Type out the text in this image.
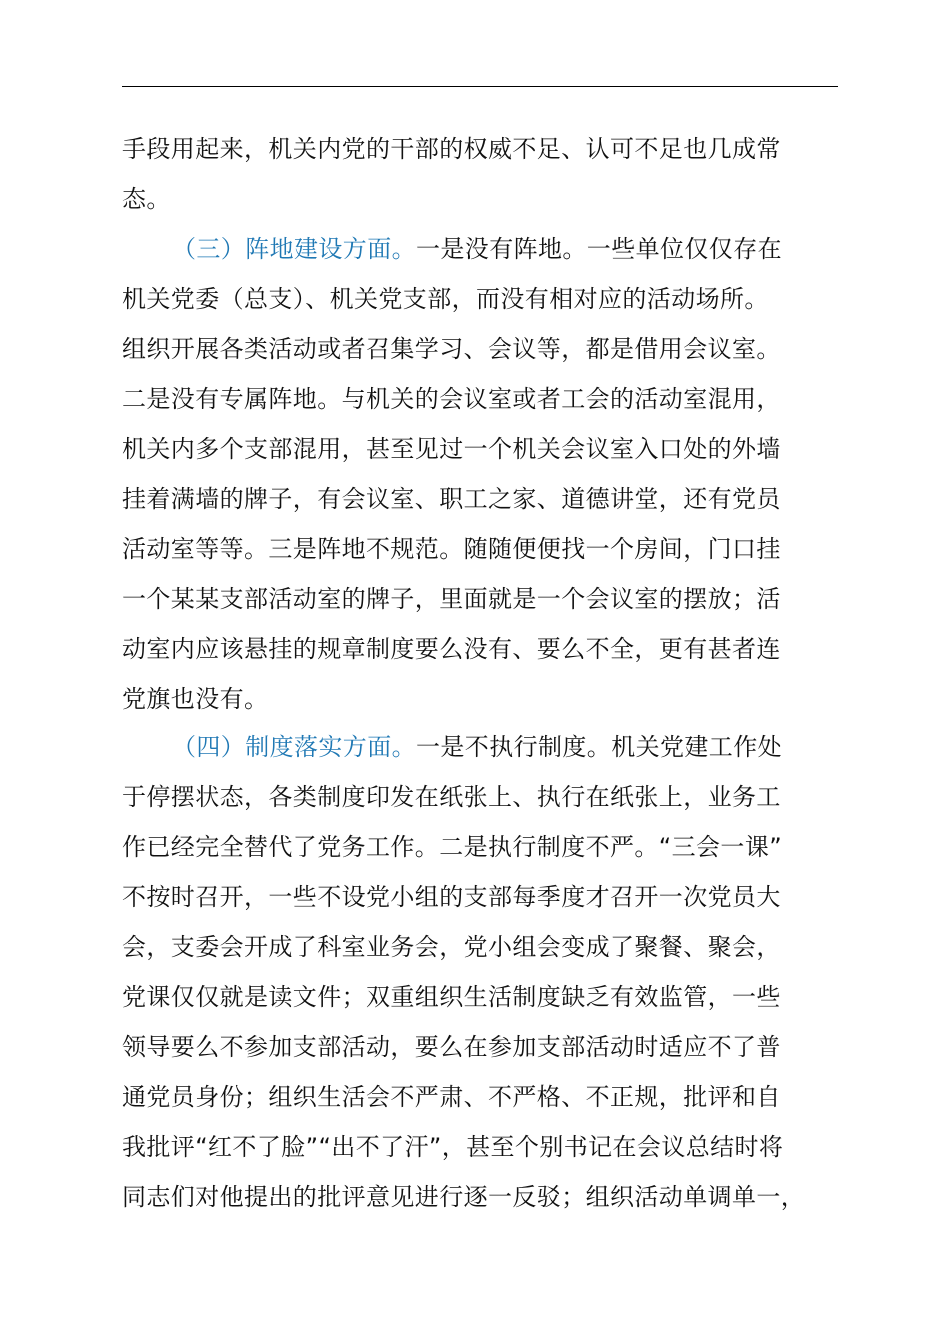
手段用起来，机关内党的干部的权威不足、认可不足也几成常
态。
（三）阵地建设方面。一是没有阵地。一些单位仅仅存在
机关党委（总支）、机关党支部，而没有相对应的活动场所。
组织开展各类活动或者召集学习、会议等，都是借用会议室。
二是没有专属阵地。与机关的会议室或者工会的活动室混用，
机关内多个支部混用，甚至见过一个机关会议室入口处的外墙
挂着满墙的牌子，有会议室、职工之家、道德讲堂，还有党员
活动室等等。三是阵地不规范。随随便便找一个房间，门口挂
一个某某支部活动室的牌子，里面就是一个会议室的摆放；活
动室内应该悬挂的规章制度要么没有、要么不全，更有甚者连
党旗也没有。
（四）制度落实方面。一是不执行制度。机关党建工作处
于停摆状态，各类制度印发在纸张上、执行在纸张上，业务工
作已经完全替代了党务工作。二是执行制度不严。“三会一课”
不按时召开，一些不设党小组的支部每季度才召开一次党员大
会，支委会开成了科室业务会，党小组会变成了聚餐、聚会，
党课仅仅就是读文件；双重组织生活制度缺乏有效监管，一些
领导要么不参加支部活动，要么在参加支部活动时适应不了普
通党员身份；组织生活会不严肃、不严格、不正规，批评和自
我批评“红不了脸”“出不了汗”，甚至个别书记在会议总结时将
同志们对他提出的批评意见进行逐一反驳；组织活动单调单一，
